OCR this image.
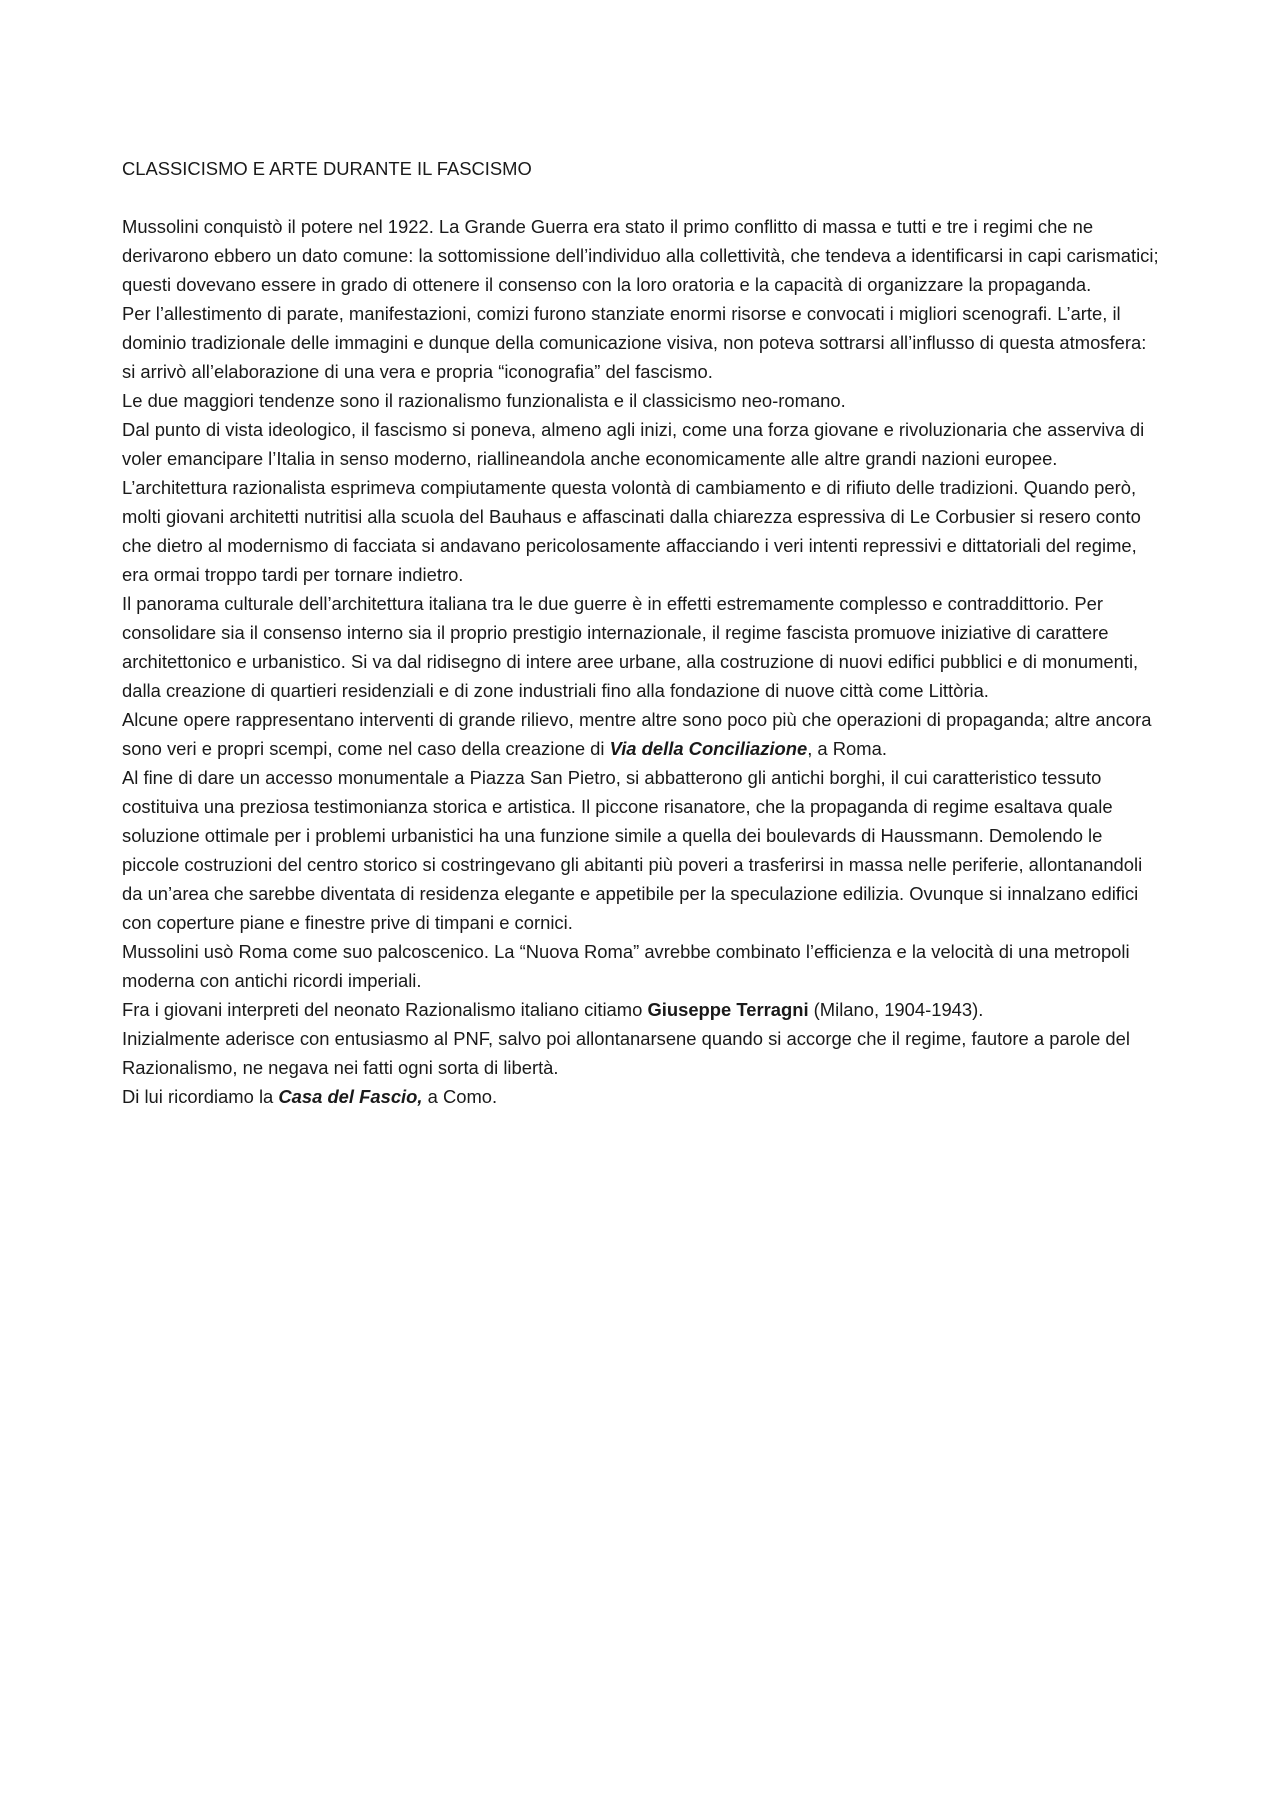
CLASSICISMO E ARTE DURANTE IL FASCISMO

Mussolini conquistò il potere nel 1922. La Grande Guerra era stato il primo conflitto di massa e tutti e tre i regimi che ne derivarono ebbero un dato comune: la sottomissione dell’individuo alla collettività, che tendeva a identificarsi in capi carismatici; questi dovevano essere in grado di ottenere il consenso con la loro oratoria e la capacità di organizzare la propaganda.

Per l’allestimento di parate, manifestazioni, comizi furono stanziate enormi risorse e convocati i migliori scenografi. L’arte, il dominio tradizionale delle immagini e dunque della comunicazione visiva, non poteva sottrarsi all’influsso di questa atmosfera: si arrivò all’elaborazione di una vera e propria “iconografia” del fascismo.

Le due maggiori tendenze sono il razionalismo funzionalista e il classicismo neo-romano.

Dal punto di vista ideologico, il fascismo si poneva, almeno agli inizi, come una forza giovane e rivoluzionaria che asserviva di voler emancipare l’Italia in senso moderno, riallineandola anche economicamente alle altre grandi nazioni europee.

L’architettura razionalista esprimeva compiutamente questa volontà di cambiamento e di rifiuto delle tradizioni. Quando però, molti giovani architetti nutritisi alla scuola del Bauhaus e affascinati dalla chiarezza espressiva di Le Corbusier si resero conto che dietro al modernismo di facciata si andavano pericolosamente affacciando i veri intenti repressivi e dittatoriali del regime, era ormai troppo tardi per tornare indietro.

Il panorama culturale dell’architettura italiana tra le due guerre è in effetti estremamente complesso e contraddittorio. Per consolidare sia il consenso interno sia il proprio prestigio internazionale, il regime fascista promuove iniziative di carattere architettonico e urbanistico. Si va dal ridisegno di intere aree urbane, alla costruzione di nuovi edifici pubblici e di monumenti, dalla creazione di quartieri residenziali e di zone industriali fino alla fondazione di nuove città come Littòria.

Alcune opere rappresentano interventi di grande rilievo, mentre altre sono poco più che operazioni di propaganda; altre ancora sono veri e propri scempi, come nel caso della creazione di Via della Conciliazione, a Roma.

Al fine di dare un accesso monumentale a Piazza San Pietro, si abbatterono gli antichi borghi, il cui caratteristico tessuto costituiva una preziosa testimonianza storica e artistica. Il piccone risanatore, che la propaganda di regime esaltava quale soluzione ottimale per i problemi urbanistici ha una funzione simile a quella dei boulevards di Haussmann. Demolendo le piccole costruzioni del centro storico si costringevano gli abitanti più poveri a trasferirsi in massa nelle periferie, allontanandoli da un’area che sarebbe diventata di residenza elegante e appetibile per la speculazione edilizia. Ovunque si innalzano edifici con coperture piane e finestre prive di timpani e cornici.

Mussolini usò Roma come suo palcoscenico. La “Nuova Roma” avrebbe combinato l’efficienza e la velocità di una metropoli moderna con antichi ricordi imperiali.

Fra i giovani interpreti del neonato Razionalismo italiano citiamo Giuseppe Terragni (Milano, 1904-1943).

Inizialmente aderisce con entusiasmo al PNF, salvo poi allontanarsene quando si accorge che il regime, fautore a parole del Razionalismo, ne negava nei fatti ogni sorta di libertà.

Di lui ricordiamo la Casa del Fascio, a Como.
